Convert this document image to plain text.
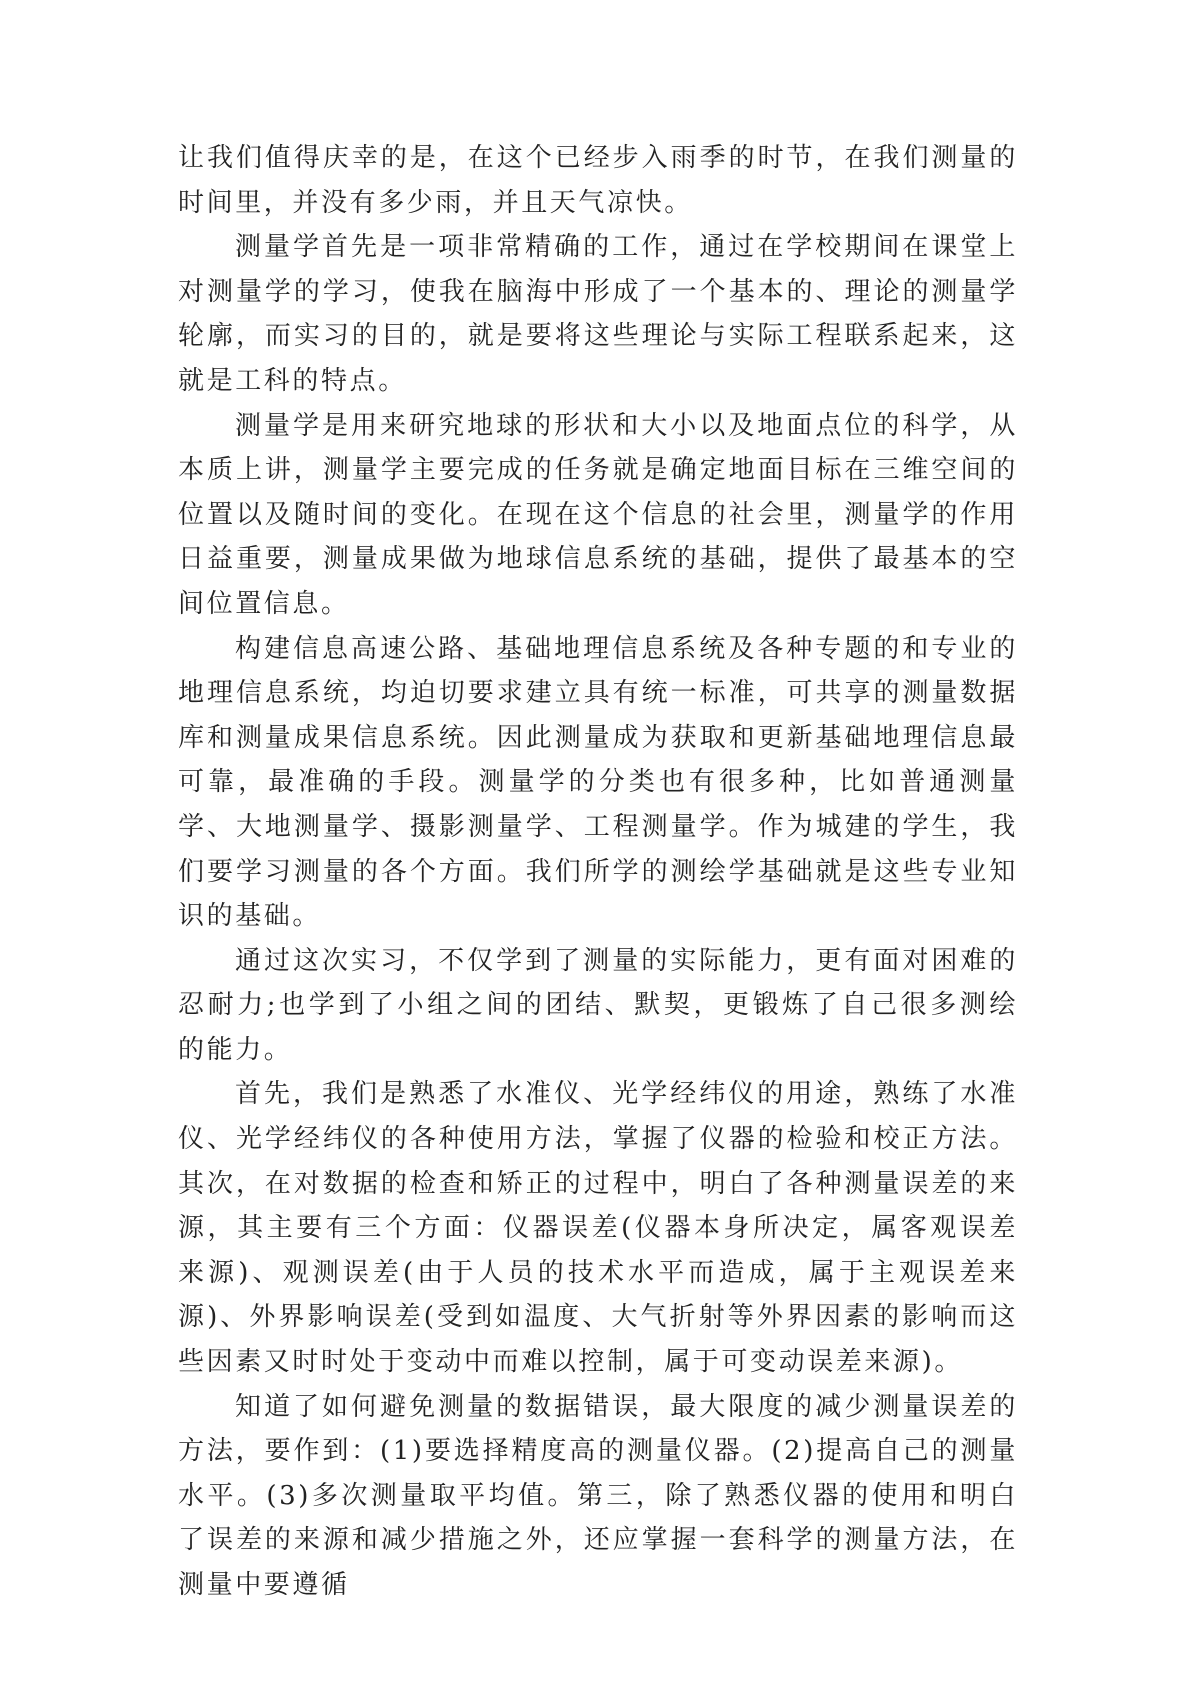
让我们值得庆幸的是，在这个已经步入雨季的时节，在我们测量的时间里，并没有多少雨，并且天气凉快。

测量学首先是一项非常精确的工作，通过在学校期间在课堂上对测量学的学习，使我在脑海中形成了一个基本的、理论的测量学轮廓，而实习的目的，就是要将这些理论与实际工程联系起来，这就是工科的特点。

测量学是用来研究地球的形状和大小以及地面点位的科学，从本质上讲，测量学主要完成的任务就是确定地面目标在三维空间的位置以及随时间的变化。在现在这个信息的社会里，测量学的作用日益重要，测量成果做为地球信息系统的基础，提供了最基本的空间位置信息。

构建信息高速公路、基础地理信息系统及各种专题的和专业的地理信息系统，均迫切要求建立具有统一标准，可共享的测量数据库和测量成果信息系统。因此测量成为获取和更新基础地理信息最可靠，最准确的手段。测量学的分类也有很多种，比如普通测量学、大地测量学、摄影测量学、工程测量学。作为城建的学生，我们要学习测量的各个方面。我们所学的测绘学基础就是这些专业知识的基础。

通过这次实习，不仅学到了测量的实际能力，更有面对困难的忍耐力;也学到了小组之间的团结、默契，更锻炼了自己很多测绘的能力。

首先，我们是熟悉了水准仪、光学经纬仪的用途，熟练了水准仪、光学经纬仪的各种使用方法，掌握了仪器的检验和校正方法。其次，在对数据的检查和矫正的过程中，明白了各种测量误差的来源，其主要有三个方面：仪器误差(仪器本身所决定，属客观误差来源)、观测误差(由于人员的技术水平而造成，属于主观误差来源)、外界影响误差(受到如温度、大气折射等外界因素的影响而这些因素又时时处于变动中而难以控制，属于可变动误差来源)。

知道了如何避免测量的数据错误，最大限度的减少测量误差的方法，要作到：(1)要选择精度高的测量仪器。(2)提高自己的测量水平。(3)多次测量取平均值。第三，除了熟悉仪器的使用和明白了误差的来源和减少措施之外，还应掌握一套科学的测量方法，在测量中要遵循
